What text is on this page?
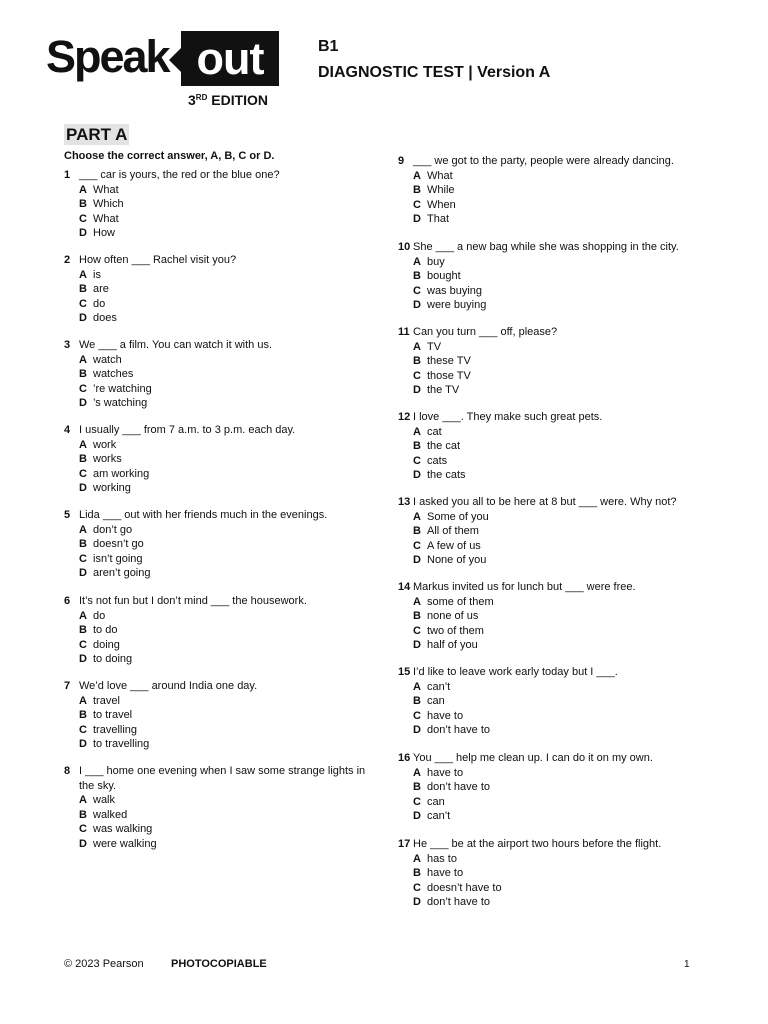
Speak out
3RD EDITION
B1
DIAGNOSTIC TEST | Version A
PART A
Choose the correct answer, A, B, C or D.
1 ___ car is yours, the red or the blue one?
A What
B Which
C What
D How
2 How often ___ Rachel visit you?
A is
B are
C do
D does
3 We ___ a film. You can watch it with us.
A watch
B watches
C ’re watching
D ’s watching
4 I usually ___ from 7 a.m. to 3 p.m. each day.
A work
B works
C am working
D working
5 Lida ___ out with her friends much in the evenings.
A don’t go
B doesn’t go
C isn’t going
D aren’t going
6 It’s not fun but I don’t mind ___ the housework.
A do
B to do
C doing
D to doing
7 We’d love ___ around India one day.
A travel
B to travel
C travelling
D to travelling
8 I ___ home one evening when I saw some strange lights in the sky.
A walk
B walked
C was walking
D were walking
9 ___ we got to the party, people were already dancing.
A What
B While
C When
D That
10 She ___ a new bag while she was shopping in the city.
A buy
B bought
C was buying
D were buying
11 Can you turn ___ off, please?
A TV
B these TV
C those TV
D the TV
12 I love ___. They make such great pets.
A cat
B the cat
C cats
D the cats
13 I asked you all to be here at 8 but ___ were. Why not?
A Some of you
B All of them
C A few of us
D None of you
14 Markus invited us for lunch but ___ were free.
A some of them
B none of us
C two of them
D half of you
15 I’d like to leave work early today but I ___.
A can’t
B can
C have to
D don’t have to
16 You ___ help me clean up. I can do it on my own.
A have to
B don’t have to
C can
D can’t
17 He ___ be at the airport two hours before the flight.
A has to
B have to
C doesn’t have to
D don’t have to
© 2023 Pearson PHOTOCOPIABLE	1
